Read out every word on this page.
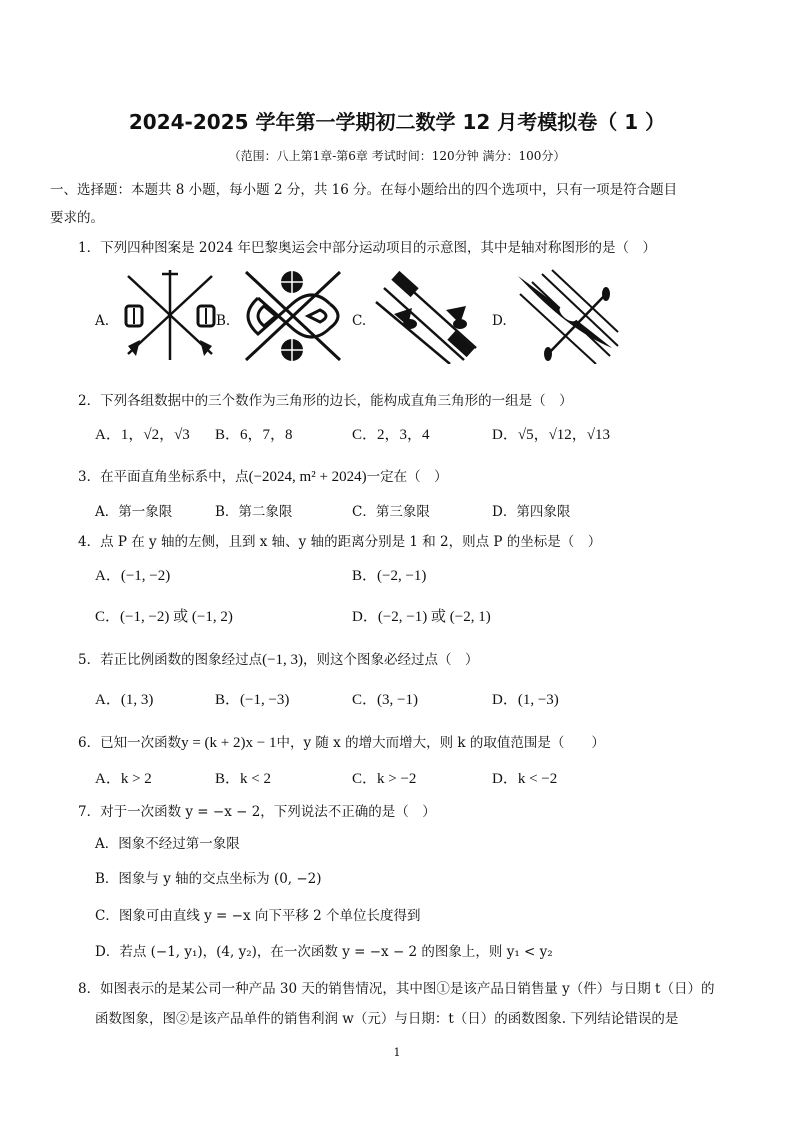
2024-2025 学年第一学期初二数学 12 月考模拟卷（ 1 ）
（范围：八上第1章-第6章 考试时间：120分钟 满分：100分）
一、选择题：本题共 8 小题，每小题 2 分，共 16 分。在每小题给出的四个选项中，只有一项是符合题目
要求的。
1．下列四种图案是 2024 年巴黎奥运会中部分运动项目的示意图，其中是轴对称图形的是（　）
A.	B.	C.	D.
2．下列各组数据中的三个数作为三角形的边长，能构成直角三角形的一组是（　）
A．1，√2，√3 B．6，7，8	C．2，3，4	D．√5，√12，√13
3．在平面直角坐标系中，点(−2024, m² + 2024)一定在（　）
A．第一象限	B．第二象限	C．第三象限	D．第四象限
4．点 P 在 y 轴的左侧，且到 x 轴、y 轴的距离分别是 1 和 2，则点 P 的坐标是（　）
A．(−1, −2)	B．(−2, −1)
C．(−1, −2) 或 (−1, 2)	D．(−2, −1) 或 (−2, 1)
5．若正比例函数的图象经过点(−1, 3)，则这个图象必经过点（　）
A．(1, 3)	B．(−1, −3)	C．(3, −1)	D．(1, −3)
6．已知一次函数y = (k + 2)x − 1中，y 随 x 的增大而增大，则 k 的取值范围是（　　）
A．k > 2	B．k < 2	C．k > −2	D．k < −2
7．对于一次函数 y = −x − 2，下列说法不正确的是（　）
A．图象不经过第一象限
B．图象与 y 轴的交点坐标为 (0, −2)
C．图象可由直线 y = −x 向下平移 2 个单位长度得到
D．若点 (−1, y₁)，(4, y₂)，在一次函数 y = −x − 2 的图象上，则 y₁ < y₂
8．如图表示的是某公司一种产品 30 天的销售情况，其中图①是该产品日销售量 y（件）与日期 t（日）的
函数图象，图②是该产品单件的销售利润 w（元）与日期：t（日）的函数图象. 下列结论错误的是
1
